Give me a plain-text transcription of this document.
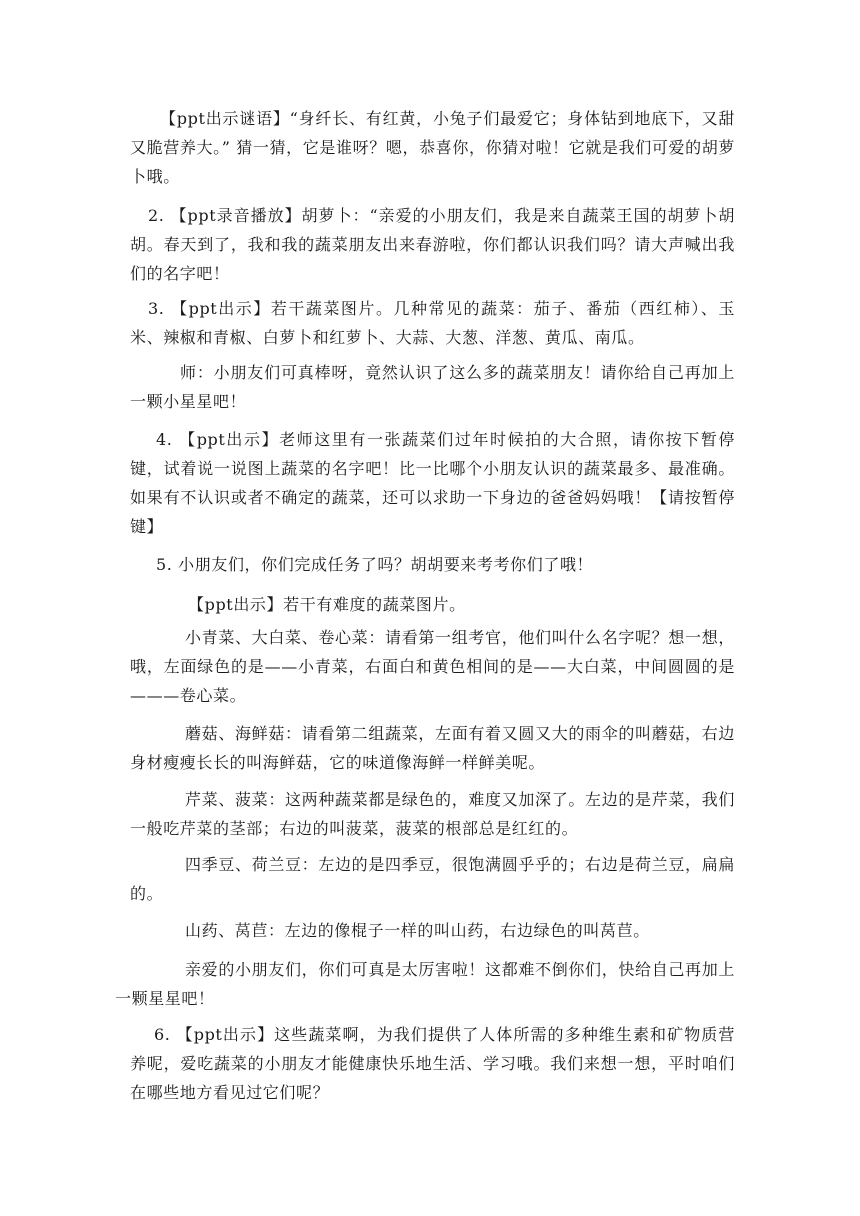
【ppt出示谜语】“身纤长、有红黄，小兔子们最爱它；身体钻到地底下，又甜又脆营养大。” 猜一猜，它是谁呀？嗯，恭喜你，你猜对啦！它就是我们可爱的胡萝卜哦。

2. 【ppt录音播放】胡萝卜：“亲爱的小朋友们，我是来自蔬菜王国的胡萝卜胡胡。春天到了，我和我的蔬菜朋友出来春游啦，你们都认识我们吗？请大声喊出我们的名字吧！

3. 【ppt出示】若干蔬菜图片。几种常见的蔬菜：茄子、番茄（西红柿）、玉米、辣椒和青椒、白萝卜和红萝卜、大蒜、大葱、洋葱、黄瓜、南瓜。

师：小朋友们可真棒呀，竟然认识了这么多的蔬菜朋友！请你给自己再加上一颗小星星吧！

4. 【ppt出示】老师这里有一张蔬菜们过年时候拍的大合照，请你按下暂停键，试着说一说图上蔬菜的名字吧！比一比哪个小朋友认识的蔬菜最多、最准确。如果有不认识或者不确定的蔬菜，还可以求助一下身边的爸爸妈妈哦！【请按暂停键】

5. 小朋友们，你们完成任务了吗？胡胡要来考考你们了哦！

【ppt出示】若干有难度的蔬菜图片。

小青菜、大白菜、卷心菜：请看第一组考官，他们叫什么名字呢？想一想，哦，左面绿色的是——小青菜，右面白和黄色相间的是——大白菜，中间圆圆的是———卷心菜。

蘑菇、海鲜菇：请看第二组蔬菜，左面有着又圆又大的雨伞的叫蘑菇，右边身材瘦瘦长长的叫海鲜菇，它的味道像海鲜一样鲜美呢。

芹菜、菠菜：这两种蔬菜都是绿色的，难度又加深了。左边的是芹菜，我们一般吃芹菜的茎部；右边的叫菠菜，菠菜的根部总是红红的。

四季豆、荷兰豆：左边的是四季豆，很饱满圆乎乎的；右边是荷兰豆，扁扁的。

山药、莴苣：左边的像棍子一样的叫山药，右边绿色的叫莴苣。

亲爱的小朋友们，你们可真是太厉害啦！这都难不倒你们，快给自己再加上一颗星星吧！

6. 【ppt出示】这些蔬菜啊，为我们提供了人体所需的多种维生素和矿物质营养呢，爱吃蔬菜的小朋友才能健康快乐地生活、学习哦。我们来想一想，平时咱们在哪些地方看见过它们呢？
